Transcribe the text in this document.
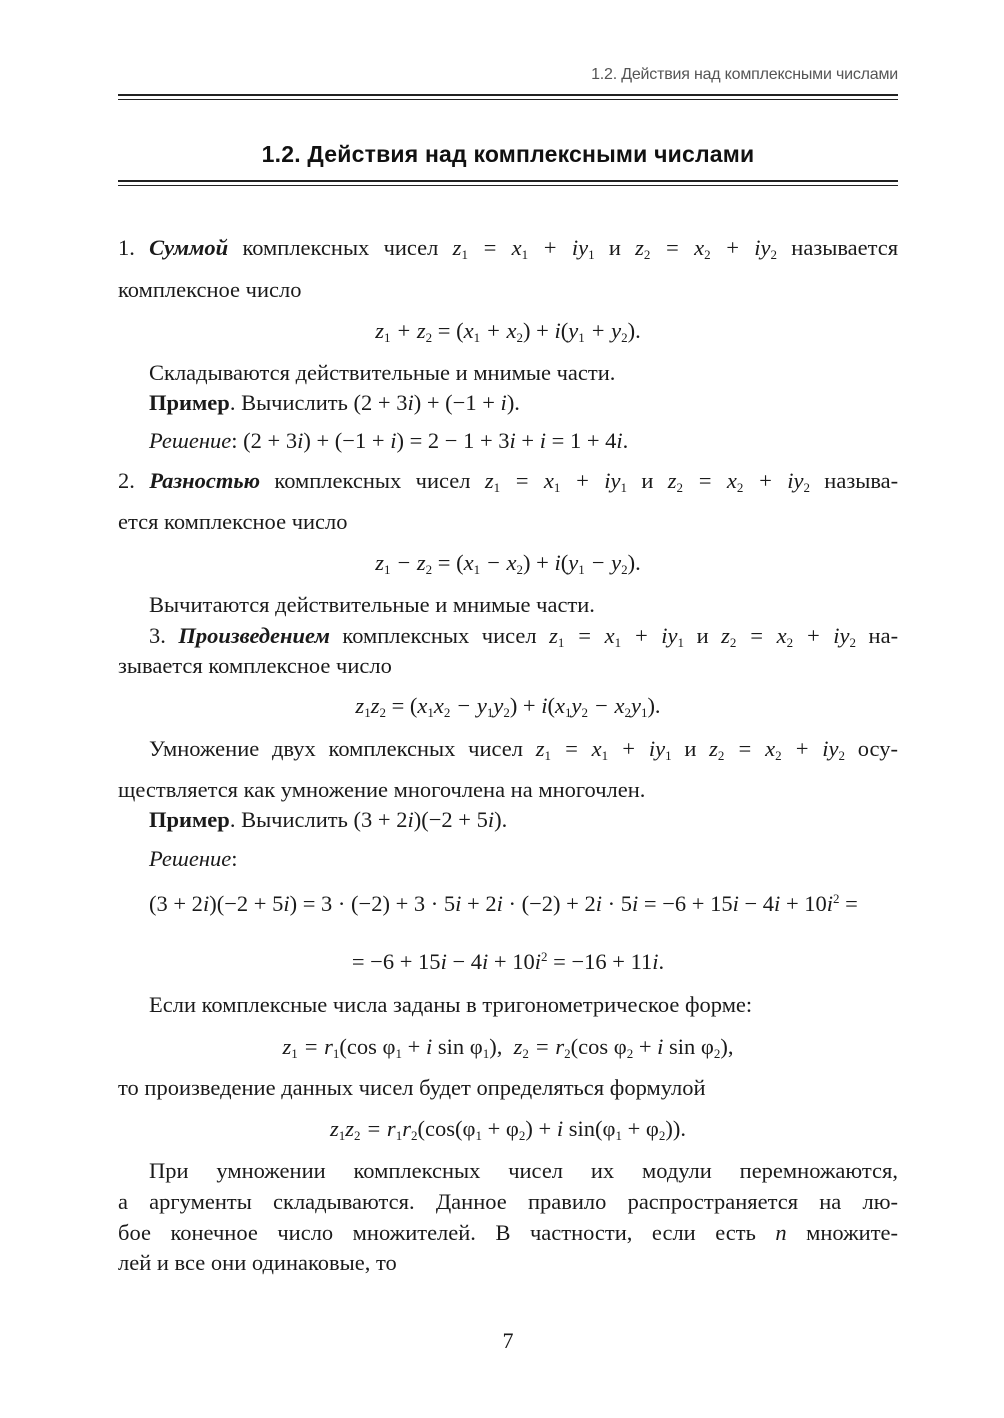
1.2. Действия над комплексными числами
1.2. Действия над комплексными числами
1. Суммой комплексных чисел $z_1 = x_1 + iy_1$ и $z_2 = x_2 + iy_2$ называется
комплексное число
$z_1 + z_2 = (x_1 + x_2) + i(y_1 + y_2)$.
Складываются действительные и мнимые части.
Пример. Вычислить (2 + 3i) + (−1 + i).
Решение: (2 + 3i) + (−1 + i) = 2 − 1 + 3i + i = 1 + 4i.
2. Разностью комплексных чисел $z_1 = x_1 + iy_1$ и $z_2 = x_2 + iy_2$ называ-
ется комплексное число
$z_1 - z_2 = (x_1 - x_2) + i(y_1 - y_2)$.
Вычитаются действительные и мнимые части.
3. Произведением комплексных чисел $z_1 = x_1 + iy_1$ и $z_2 = x_2 + iy_2$ на-
зывается комплексное число
$z_1z_2 = (x_1x_2 - y_1y_2) + i(x_1y_2 - x_2y_1)$.
Умножение двух комплексных чисел $z_1 = x_1 + iy_1$ и $z_2 = x_2 + iy_2$ осу-
ществляется как умножение многочлена на многочлен.
Пример. Вычислить (3 + 2i)(−2 + 5i).
Решение:
$(3 + 2i)(-2 + 5i) = 3 \cdot (-2) + 3 \cdot 5i + 2i \cdot (-2) + 2i \cdot 5i = -6 + 15i - 4i + 10i^2$ =
= $-6 + 15i - 4i + 10i^2 = -16 + 11i$.
Если комплексные числа заданы в тригонометрическое форме:
$z_1 = r_1(\cos$ $\varphi_1 + i$ $\sin \varphi_1$),  $z_2 = r_2(\cos$ $\varphi_2 + i$ $\sin \varphi_2$),
то произведение данных чисел будет определяться формулой
$z_1z_2 = r_1r_2(\cos(\varphi_1 + \varphi_2) + i$ $\sin(\varphi_1 + \varphi_2)$).
При умножении комплексных чисел их модули перемножаются,
а аргументы складываются. Данное правило распространяется на лю-
бое конечное число множителей. В частности, если есть n множите-
лей и все они одинаковые, то
7
